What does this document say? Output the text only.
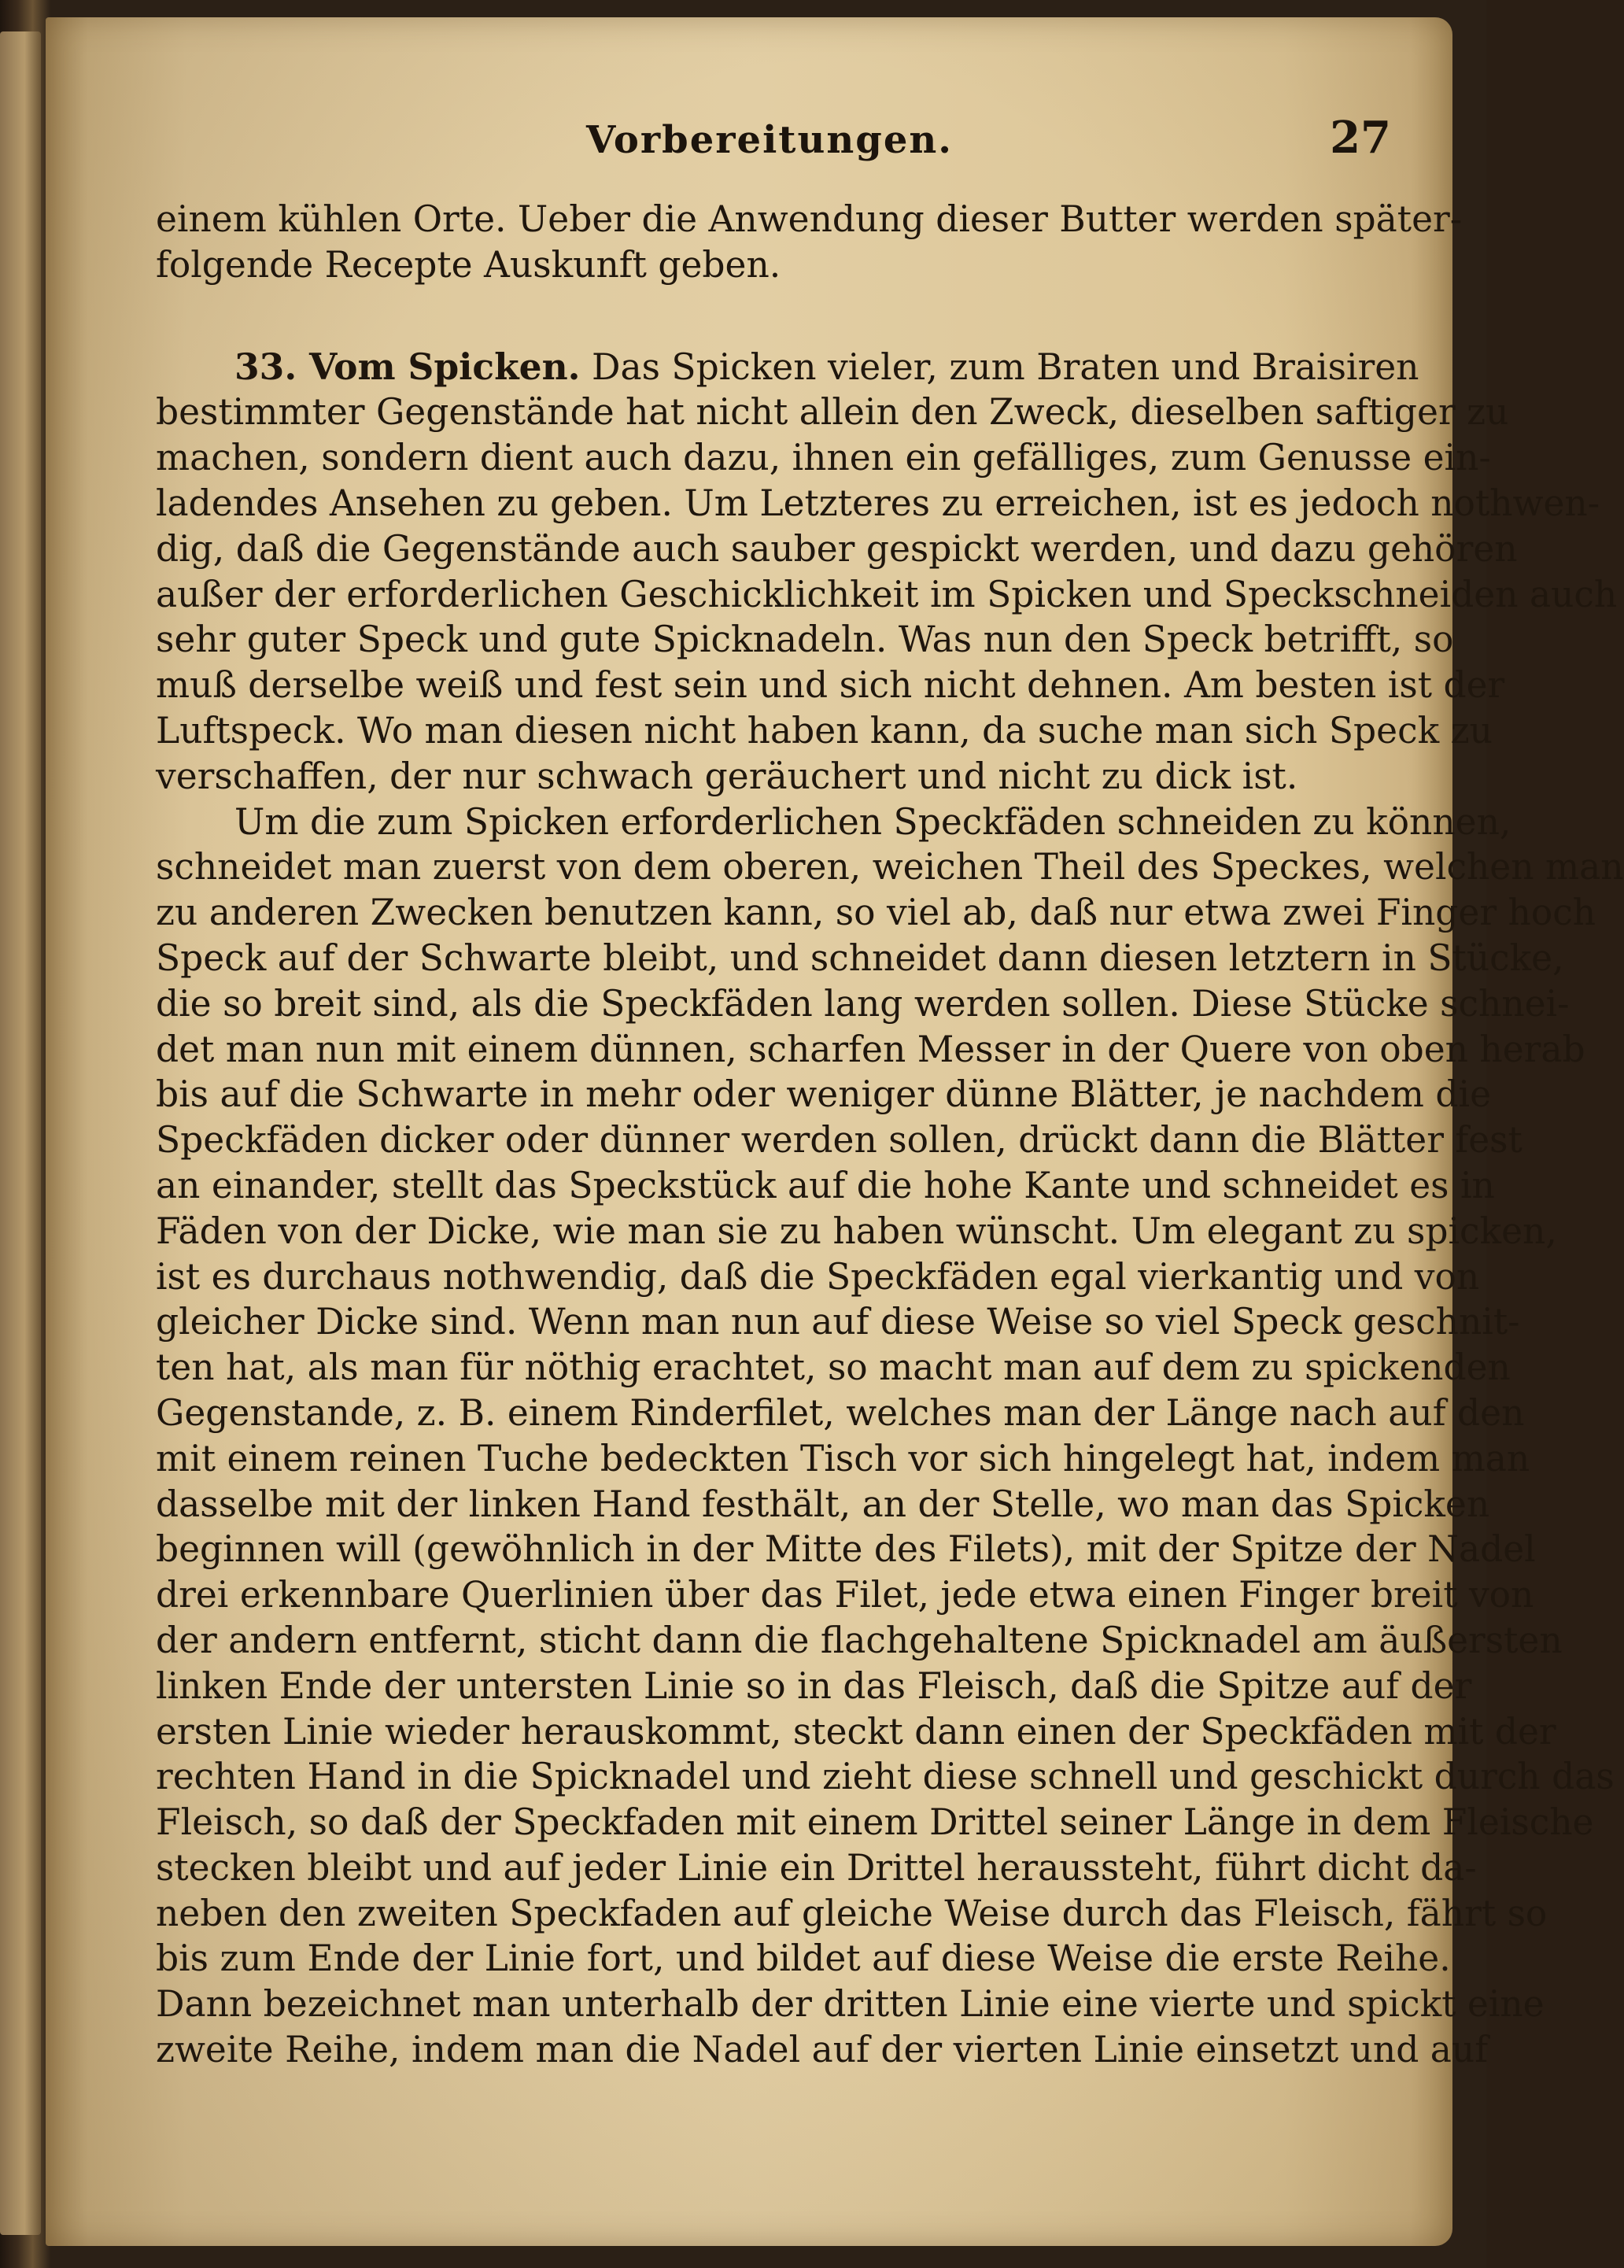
Vorbereitungen.	27
einem kühlen Orte. Ueber die Anwendung dieser Butter werden später-
folgende Recepte Auskunft geben.
33. Vom Spicken. Das Spicken vieler, zum Braten und Braisiren
bestimmter Gegenstände hat nicht allein den Zweck, dieselben saftiger zu
machen, sondern dient auch dazu, ihnen ein gefälliges, zum Genusse ein-
ladendes Ansehen zu geben. Um Letzteres zu erreichen, ist es jedoch nothwen-
dig, daß die Gegenstände auch sauber gespickt werden, und dazu gehören
außer der erforderlichen Geschicklichkeit im Spicken und Speckschneiden auch
sehr guter Speck und gute Spicknadeln. Was nun den Speck betrifft, so
muß derselbe weiß und fest sein und sich nicht dehnen. Am besten ist der
Luftspeck. Wo man diesen nicht haben kann, da suche man sich Speck zu
verschaffen, der nur schwach geräuchert und nicht zu dick ist.
Um die zum Spicken erforderlichen Speckfäden schneiden zu können,
schneidet man zuerst von dem oberen, weichen Theil des Speckes, welchen man
zu anderen Zwecken benutzen kann, so viel ab, daß nur etwa zwei Finger hoch
Speck auf der Schwarte bleibt, und schneidet dann diesen letztern in Stücke,
die so breit sind, als die Speckfäden lang werden sollen. Diese Stücke schnei-
det man nun mit einem dünnen, scharfen Messer in der Quere von oben herab
bis auf die Schwarte in mehr oder weniger dünne Blätter, je nachdem die
Speckfäden dicker oder dünner werden sollen, drückt dann die Blätter fest
an einander, stellt das Speckstück auf die hohe Kante und schneidet es in
Fäden von der Dicke, wie man sie zu haben wünscht. Um elegant zu spicken,
ist es durchaus nothwendig, daß die Speckfäden egal vierkantig und von
gleicher Dicke sind. Wenn man nun auf diese Weise so viel Speck geschnit-
ten hat, als man für nöthig erachtet, so macht man auf dem zu spickenden
Gegenstande, z. B. einem Rinderfilet, welches man der Länge nach auf den
mit einem reinen Tuche bedeckten Tisch vor sich hingelegt hat, indem man
dasselbe mit der linken Hand festhält, an der Stelle, wo man das Spicken
beginnen will (gewöhnlich in der Mitte des Filets), mit der Spitze der Nadel
drei erkennbare Querlinien über das Filet, jede etwa einen Finger breit von
der andern entfernt, sticht dann die flachgehaltene Spicknadel am äußersten
linken Ende der untersten Linie so in das Fleisch, daß die Spitze auf der
ersten Linie wieder herauskommt, steckt dann einen der Speckfäden mit der
rechten Hand in die Spicknadel und zieht diese schnell und geschickt durch das
Fleisch, so daß der Speckfaden mit einem Drittel seiner Länge in dem Fleische
stecken bleibt und auf jeder Linie ein Drittel heraussteht, führt dicht da-
neben den zweiten Speckfaden auf gleiche Weise durch das Fleisch, fährt so
bis zum Ende der Linie fort, und bildet auf diese Weise die erste Reihe.
Dann bezeichnet man unterhalb der dritten Linie eine vierte und spickt eine
zweite Reihe, indem man die Nadel auf der vierten Linie einsetzt und auf
